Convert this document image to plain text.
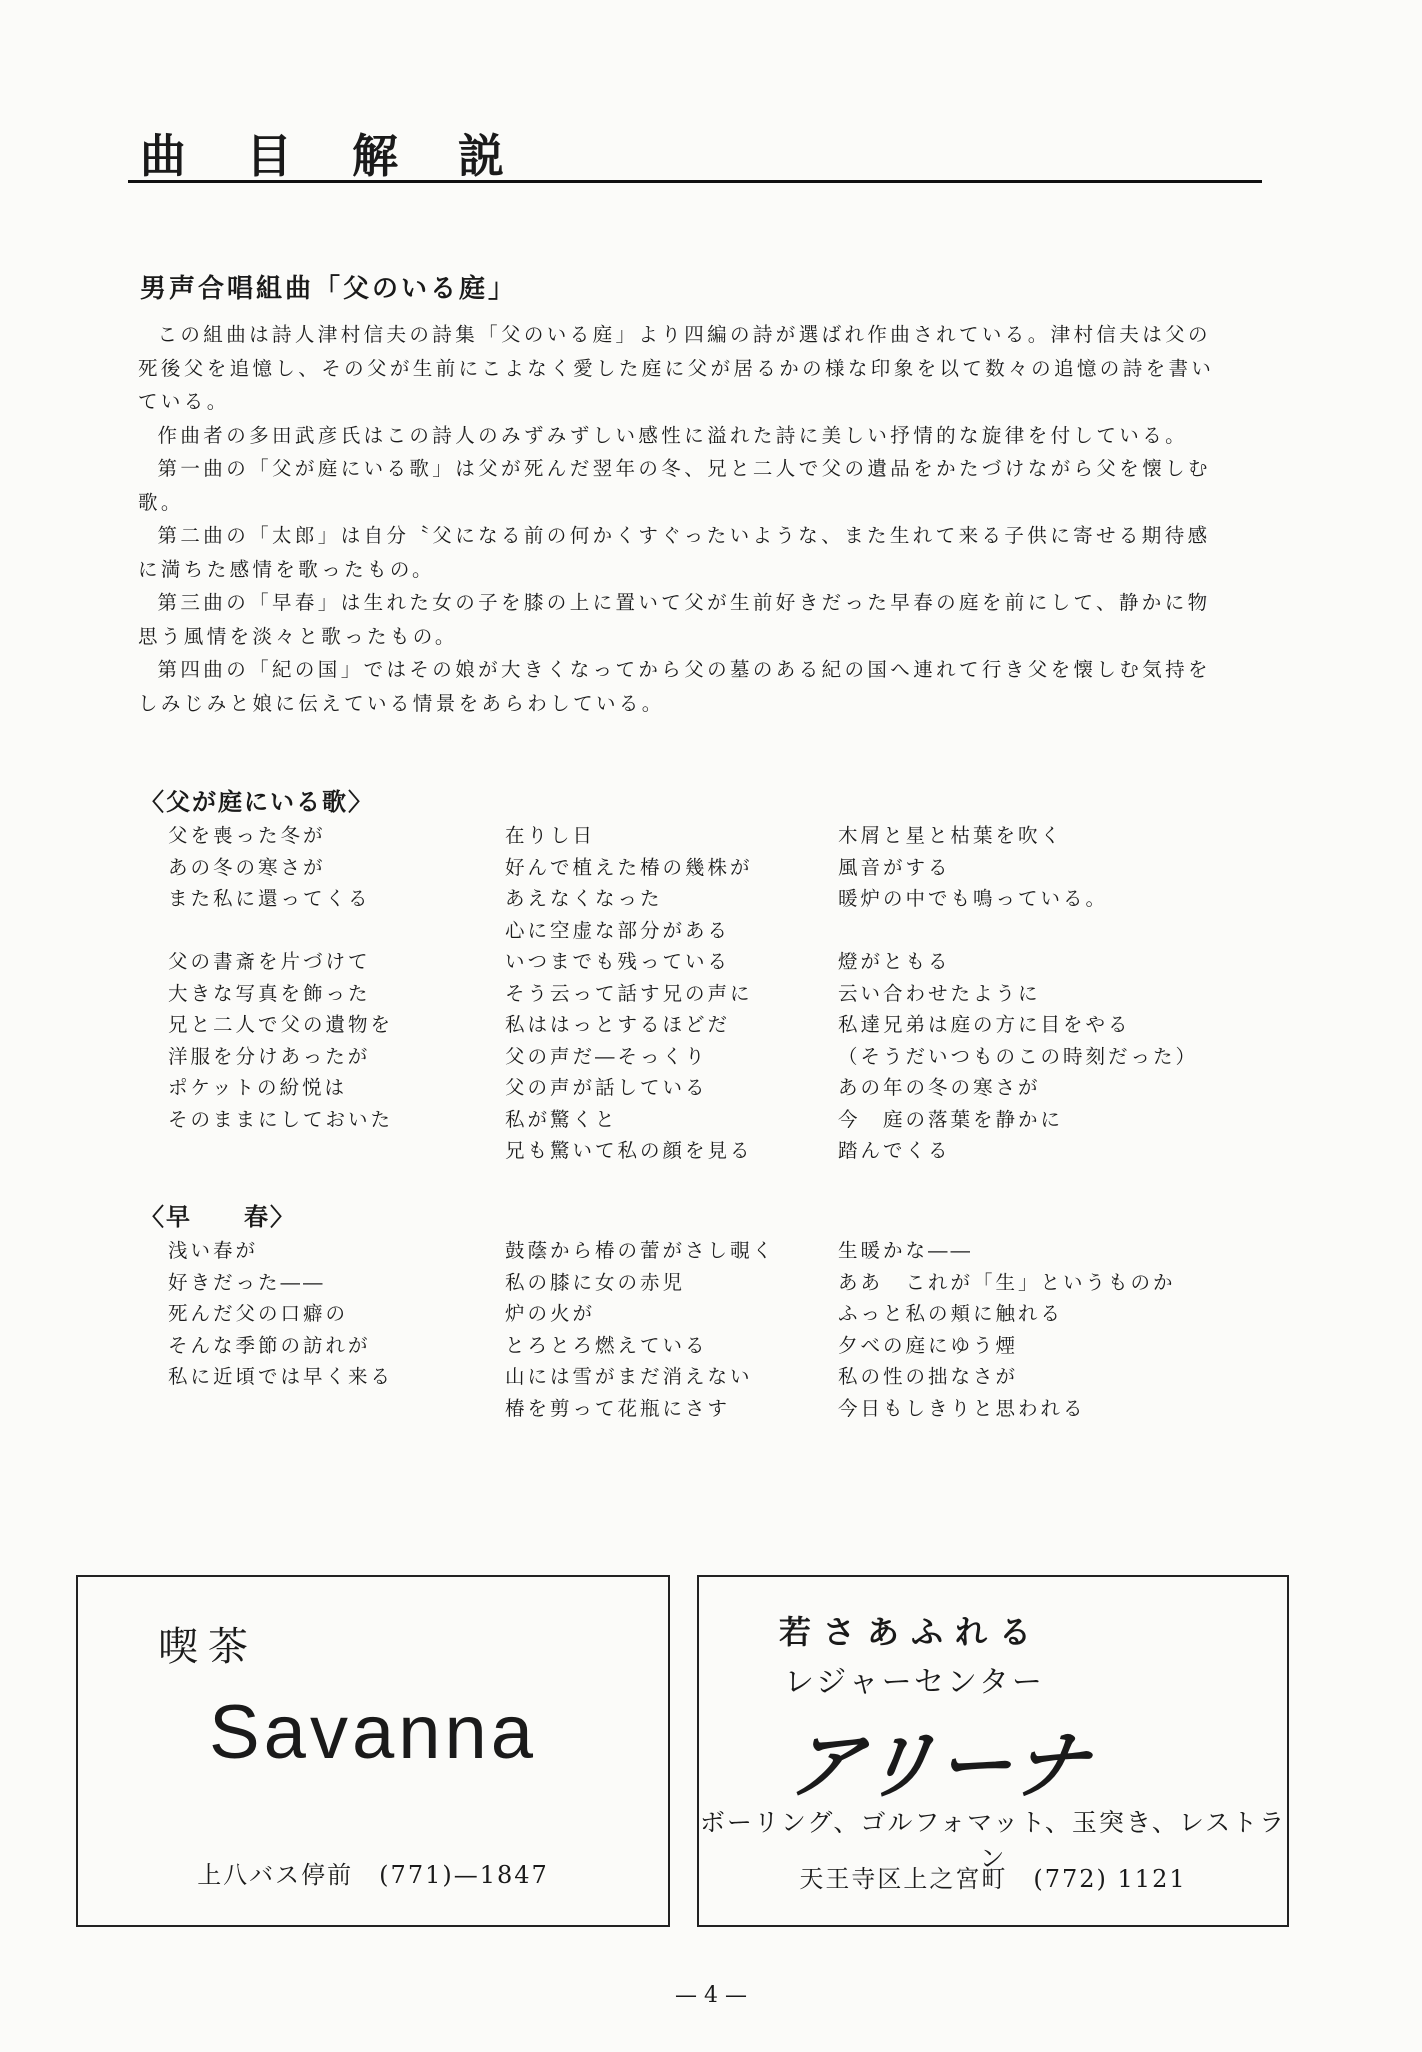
曲 目 解 説
男声合唱組曲「父のいる庭」

この組曲は詩人津村信夫の詩集「父のいる庭」より四編の詩が選ばれ作曲されている。津村信夫は父の死後父を追憶し、その父が生前にこよなく愛した庭に父が居るかの様な印象を以て数々の追憶の詩を書いている。

作曲者の多田武彦氏はこの詩人のみずみずしい感性に溢れた詩に美しい抒情的な旋律を付している。

第一曲の「父が庭にいる歌」は父が死んだ翌年の冬、兄と二人で父の遺品をかたづけながら父を懐しむ歌。

第二曲の「太郎」は自分〝父になる前の何かくすぐったいような、また生れて来る子供に寄せる期待感に満ちた感情を歌ったもの。

第三曲の「早春」は生れた女の子を膝の上に置いて父が生前好きだった早春の庭を前にして、静かに物思う風情を淡々と歌ったもの。

第四曲の「紀の国」ではその娘が大きくなってから父の墓のある紀の国へ連れて行き父を懐しむ気持をしみじみと娘に伝えている情景をあらわしている。

〈父が庭にいる歌〉
父を喪った冬が
あの冬の寒さが
また私に還ってくる
父の書斎を片づけて
大きな写真を飾った
兄と二人で父の遺物を
洋服を分けあったが
ポケットの紛悦は
そのままにしておいた
在りし日
好んで植えた椿の幾株が
あえなくなった
心に空虚な部分がある
いつまでも残っている
そう云って話す兄の声に
私ははっとするほどだ
父の声だ―そっくり
父の声が話している
私が驚くと
兄も驚いて私の顔を見る
木屑と星と枯葉を吹く
風音がする
暖炉の中でも鳴っている。
燈がともる
云い合わせたように
私達兄弟は庭の方に目をやる
（そうだいつものこの時刻だった）
あの年の冬の寒さが
今　庭の落葉を静かに
踏んでくる
〈早　　春〉
浅い春が
好きだった――
死んだ父の口癖の
そんな季節の訪れが
私に近頃では早く来る
鼓蔭から椿の蕾がさし覗く
私の膝に女の赤児
炉の火が
とろとろ燃えている
山には雪がまだ消えない
椿を剪って花瓶にさす
生暖かな――
ああ　これが「生」というものか
ふっと私の頬に触れる
夕べの庭にゆう煙
私の性の拙なさが
今日もしきりと思われる
喫茶
Savanna
上八バス停前　(771)—1847
若さあふれる
レジャーセンター
アリーナ
ボーリング、ゴルフォマット、玉突き、レストラン
天王寺区上之宮町　(772) 1121
— 4 —
